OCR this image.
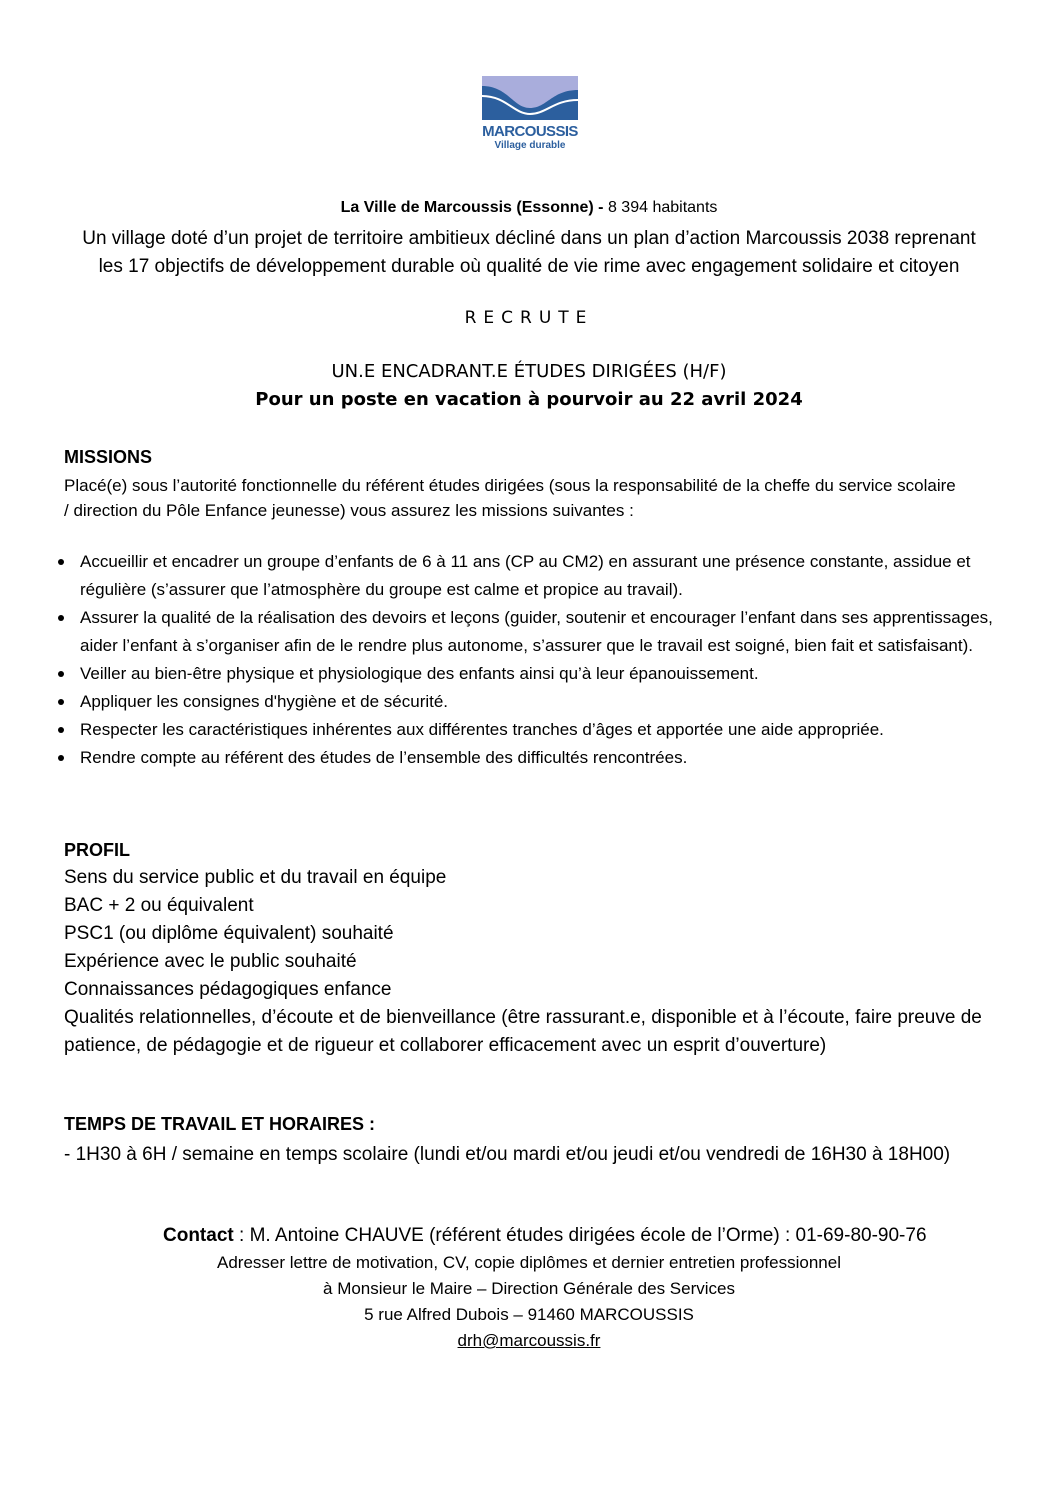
MARCOUSSIS
Village durable
La Ville de Marcoussis (Essonne) - 8 394 habitants
Un village doté d’un projet de territoire ambitieux décliné dans un plan d’action Marcoussis 2038 reprenant
les 17 objectifs de développement durable où qualité de vie rime avec engagement solidaire et citoyen
RECRUTE
UN.E ENCADRANT.E ÉTUDES DIRIGÉES (H/F)
Pour un poste en vacation à pourvoir au 22 avril 2024
MISSIONS
Placé(e) sous l’autorité fonctionnelle du référent études dirigées (sous la responsabilité de la cheffe du service scolaire
/ direction du Pôle Enfance jeunesse) vous assurez les missions suivantes :
Accueillir et encadrer un groupe d’enfants de 6 à 11 ans (CP au CM2) en assurant une présence constante, assidue et régulière (s’assurer que l’atmosphère du groupe est calme et propice au travail).
Assurer la qualité de la réalisation des devoirs et leçons (guider, soutenir et encourager l’enfant dans ses apprentissages, aider l’enfant à s’organiser afin de le rendre plus autonome, s’assurer que le travail est soigné, bien fait et satisfaisant).
Veiller au bien-être physique et physiologique des enfants ainsi qu’à leur épanouissement.
Appliquer les consignes d'hygiène et de sécurité.
Respecter les caractéristiques inhérentes aux différentes tranches d’âges et apportée une aide appropriée.
Rendre compte au référent des études de l’ensemble des difficultés rencontrées.
PROFIL
Sens du service public et du travail en équipe
BAC + 2 ou équivalent
PSC1 (ou diplôme équivalent) souhaité
Expérience avec le public souhaité
Connaissances pédagogiques enfance
Qualités relationnelles, d’écoute et de bienveillance (être rassurant.e, disponible et à l’écoute, faire preuve de patience, de pédagogie et de rigueur et collaborer efficacement avec un esprit d’ouverture)
TEMPS DE TRAVAIL ET HORAIRES :
- 1H30 à 6H / semaine en temps scolaire (lundi et/ou mardi et/ou jeudi et/ou vendredi de 16H30 à 18H00)
Contact : M. Antoine CHAUVE (référent études dirigées école de l’Orme) : 01-69-80-90-76
Adresser lettre de motivation, CV, copie diplômes et dernier entretien professionnel
à Monsieur le Maire – Direction Générale des Services
5 rue Alfred Dubois – 91460 MARCOUSSIS
drh@marcoussis.fr
